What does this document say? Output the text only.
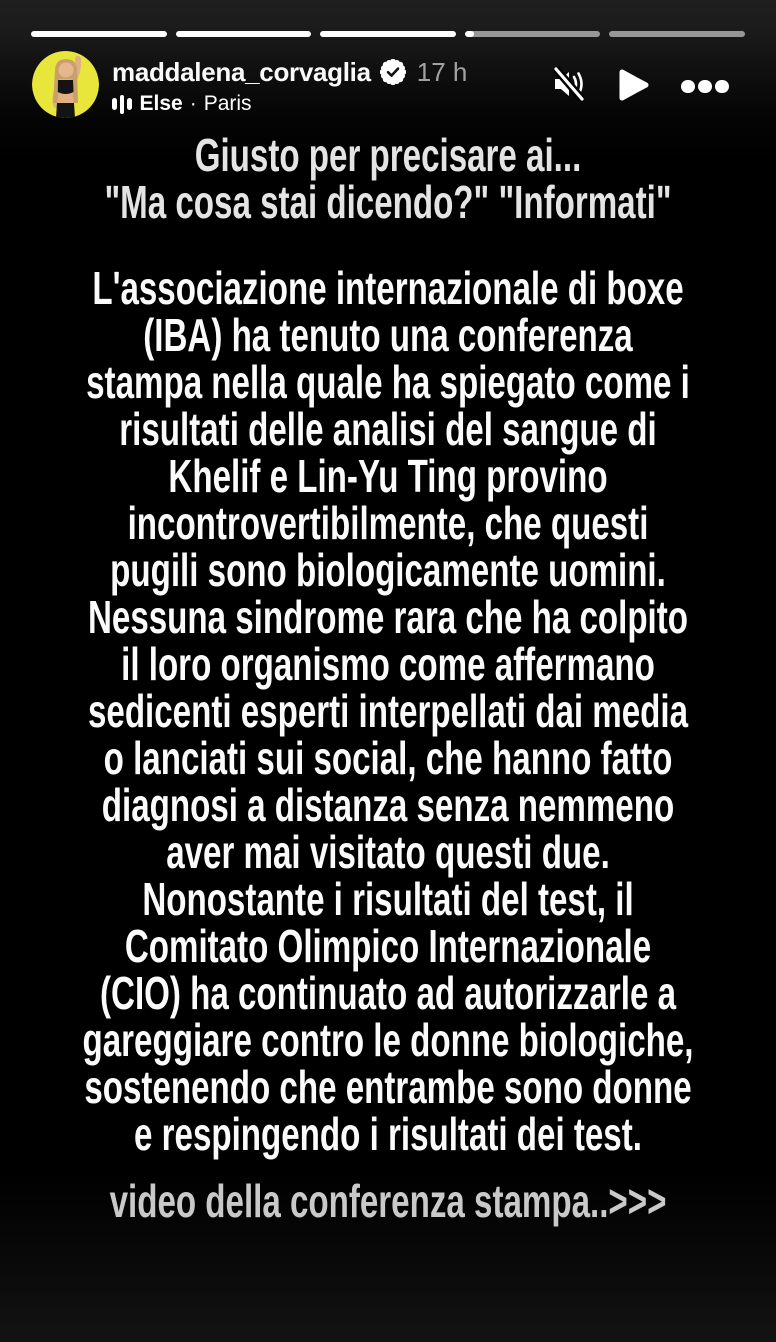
maddalena_corvaglia 17 h
Else · Paris
Giusto per precisare ai...
"Ma cosa stai dicendo?" "Informati"
L'associazione internazionale di boxe
(IBA) ha tenuto una conferenza
stampa nella quale ha spiegato come i
risultati delle analisi del sangue di
Khelif e Lin-Yu Ting provino
incontrovertibilmente, che questi
pugili sono biologicamente uomini.
Nessuna sindrome rara che ha colpito
il loro organismo come affermano
sedicenti esperti interpellati dai media
o lanciati sui social, che hanno fatto
diagnosi a distanza senza nemmeno
aver mai visitato questi due.
Nonostante i risultati del test, il
Comitato Olimpico Internazionale
(CIO) ha continuato ad autorizzarle a
gareggiare contro le donne biologiche,
sostenendo che entrambe sono donne
e respingendo i risultati dei test.
video della conferenza stampa..>>>
